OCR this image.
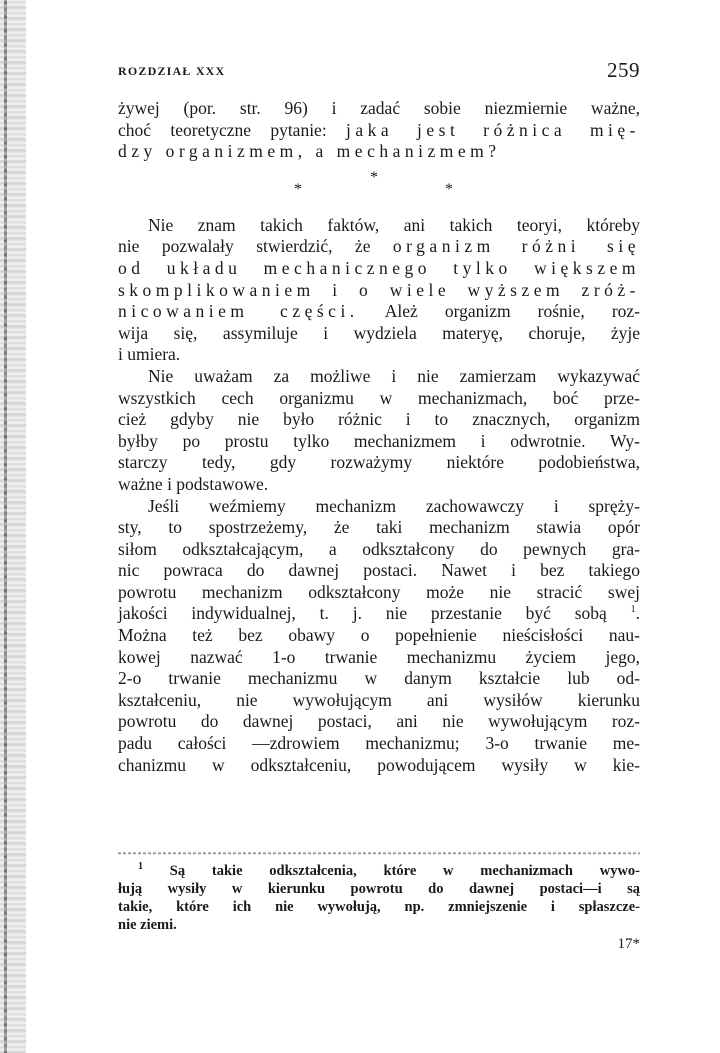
ROZDZIAŁ XXX	259
żywej (por. str. 96) i zadać sobie niezmiernie ważne,
choć teoretyczne pytanie: jaka jest różnica mię-
dzy organizmem, a mechanizmem?
*
*	*
Nie znam takich faktów, ani takich teoryi, któreby
nie pozwalały stwierdzić, że organizm różni się
od układu mechanicznego tylko większem
skomplikowaniem i o wiele wyższem zróż-
nicowaniem części. Ależ organizm rośnie, roz-
wija się, assymiluje i wydziela materyę, choruje, żyje
i umiera.
Nie uważam za możliwe i nie zamierzam wykazywać
wszystkich cech organizmu w mechanizmach, boć prze-
cież gdyby nie było różnic i to znacznych, organizm
byłby po prostu tylko mechanizmem i odwrotnie. Wy-
starczy tedy, gdy rozważymy niektóre podobieństwa,
ważne i podstawowe.
Jeśli weźmiemy mechanizm zachowawczy i spręży-
sty, to spostrzeżemy, że taki mechanizm stawia opór
siłom odkształcającym, a odkształcony do pewnych gra-
nic powraca do dawnej postaci. Nawet i bez takiego
powrotu mechanizm odkształcony może nie stracić swej
jakości indywidualnej, t. j. nie przestanie być sobą $^1$.
Można też bez obawy o popełnienie nieścisłości nau-
kowej nazwać 1-o trwanie mechanizmu życiem jego,
2-o trwanie mechanizmu w danym kształcie lub od-
kształceniu, nie wywołującym ani wysiłów kierunku
powrotu do dawnej postaci, ani nie wywołującym roz-
padu całości —zdrowiem mechanizmu; 3-o trwanie me-
chanizmu w odkształceniu, powodującem wysiły w kie-
$^1$ Są takie odkształcenia, które w mechanizmach wywo-
łują wysiły w kierunku powrotu do dawnej postaci—i są
takie, które ich nie wywołują, np. zmniejszenie i spłaszcze-
nie ziemi.
17*
